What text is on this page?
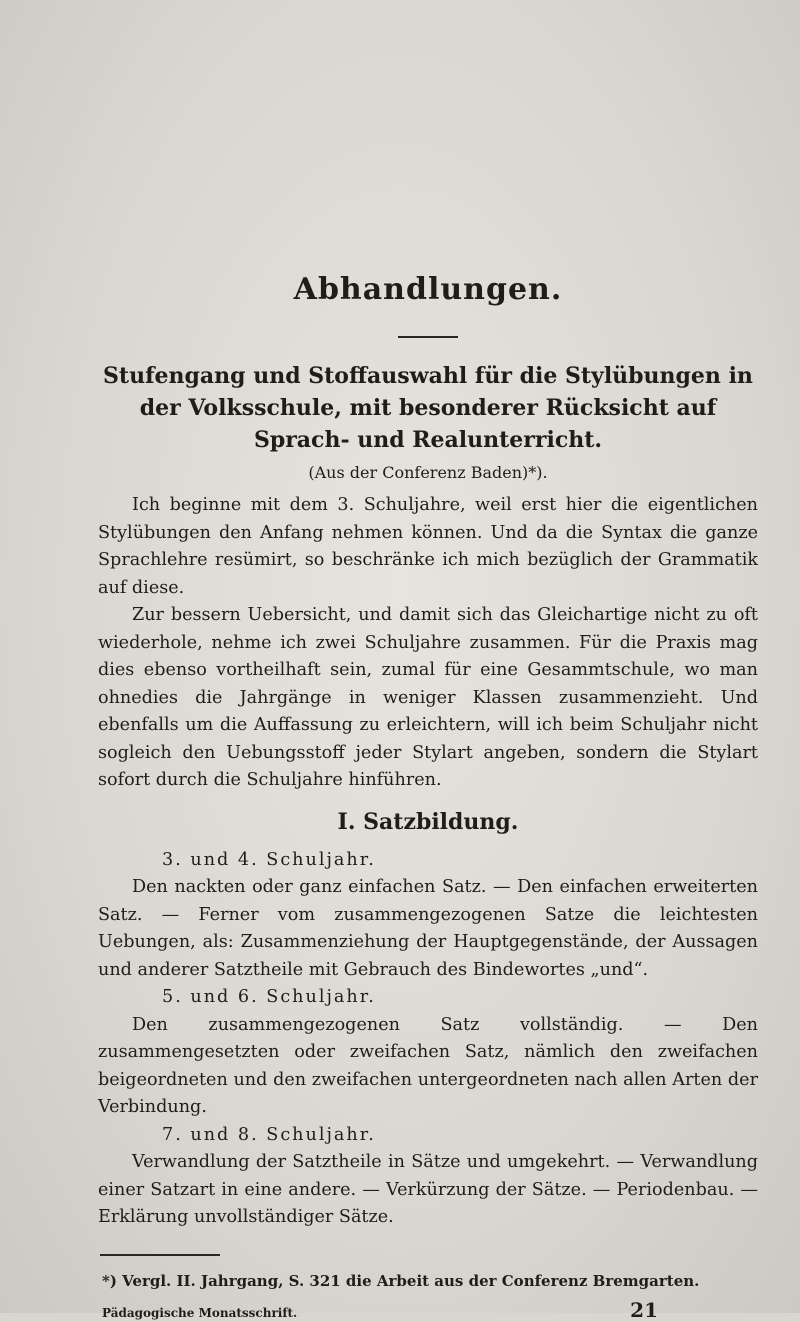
Abhandlungen.
Stufengang und Stoffauswahl für die Stylübungen in der Volksschule, mit besonderer Rücksicht auf Sprach- und Realunterricht.
(Aus der Conferenz Baden)*).

Ich beginne mit dem 3. Schuljahre, weil erst hier die eigentlichen Stylübungen den Anfang nehmen können. Und da die Syntax die ganze Sprachlehre resümirt, so beschränke ich mich bezüglich der Grammatik auf diese.

Zur bessern Uebersicht, und damit sich das Gleichartige nicht zu oft wiederhole, nehme ich zwei Schuljahre zusammen. Für die Praxis mag dies ebenso vortheilhaft sein, zumal für eine Gesammtschule, wo man ohnedies die Jahrgänge in weniger Klassen zusammenzieht. Und ebenfalls um die Auffassung zu erleichtern, will ich beim Schuljahr nicht sogleich den Uebungsstoff jeder Stylart angeben, sondern die Stylart sofort durch die Schuljahre hinführen.

I. Satzbildung.
3. und 4. Schuljahr.

Den nackten oder ganz einfachen Satz. — Den einfachen erweiterten Satz. — Ferner vom zusammengezogenen Satze die leichtesten Uebungen, als: Zusammenziehung der Hauptgegenstände, der Aussagen und anderer Satztheile mit Gebrauch des Bindewortes „und“.

5. und 6. Schuljahr.

Den zusammengezogenen Satz vollständig. — Den zusammengesetzten oder zweifachen Satz, nämlich den zweifachen beigeordneten und den zweifachen untergeordneten nach allen Arten der Verbindung.

7. und 8. Schuljahr.

Verwandlung der Satztheile in Sätze und umgekehrt. — Verwandlung einer Satzart in eine andere. — Verkürzung der Sätze. — Periodenbau. — Erklärung unvollständiger Sätze.

*) Vergl. II. Jahrgang, S. 321 die Arbeit aus der Conferenz Bremgarten.

Pädagogische Monatsschrift.	21
